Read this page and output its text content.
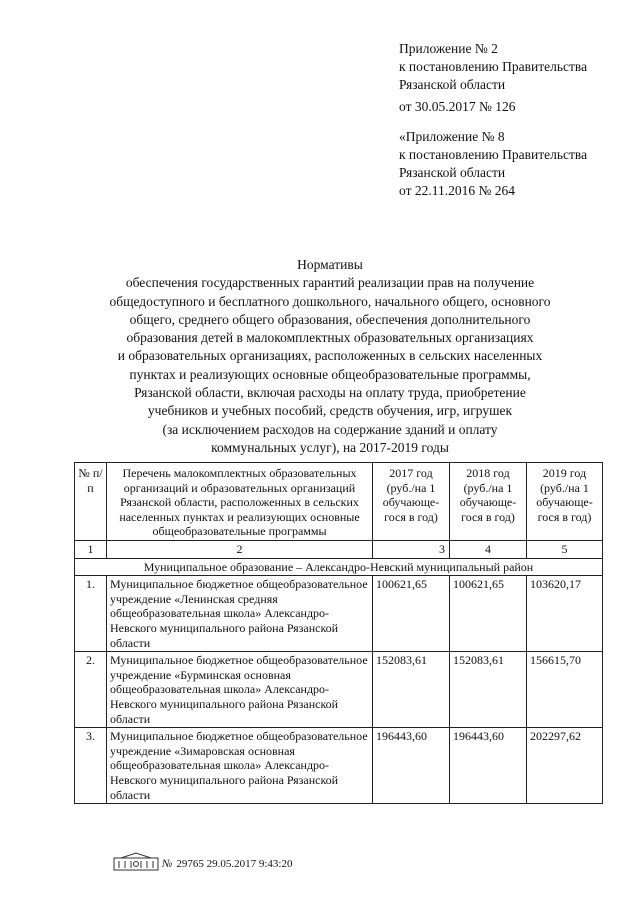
Приложение № 2
к постановлению Правительства
Рязанской области
от 30.05.2017 № 126
«Приложение № 8
к постановлению Правительства
Рязанской области
от 22.11.2016 № 264
Нормативы
обеспечения государственных гарантий реализации прав на получение
общедоступного и бесплатного дошкольного, начального общего, основного
общего, среднего общего образования, обеспечения дополнительного
образования детей в малокомплектных образовательных организациях
и образовательных организациях, расположенных в сельских населенных
пунктах и реализующих основные общеобразовательные программы,
Рязанской области, включая расходы на оплату труда, приобретение
учебников и учебных пособий, средств обучения, игр, игрушек
(за исключением расходов на содержание зданий и оплату
коммунальных услуг), на 2017-2019 годы
№ п/п	Перечень малокомплектных образовательных организаций и образовательных организаций Рязанской области, расположенных в сельских населенных пунктах и реализующих основные общеобразовательные программы	2017 год (руб./на 1 обучающе-гося в год)	2018 год (руб./на 1 обучающе-гося в год)	2019 год (руб./на 1 обучающе-гося в год)
1	2	3	4	5
Муниципальное образование – Александро-Невский муниципальный район				
1.	Муниципальное бюджетное общеобразовательное учреждение «Ленинская средняя общеобразовательная школа» Александро-Невского муниципального района Рязанской области	100621,65	100621,65	103620,17
2.	Муниципальное бюджетное общеобразовательное учреждение «Бурминская основная общеобразовательная школа» Александро-Невского муниципального района Рязанской области	152083,61	152083,61	156615,70
3.	Муниципальное бюджетное общеобразовательное учреждение «Зимаровская основная общеобразовательная школа» Александро-Невского муниципального района Рязанской области	196443,60	196443,60	202297,62
№ 29765 29.05.2017 9:43:20
